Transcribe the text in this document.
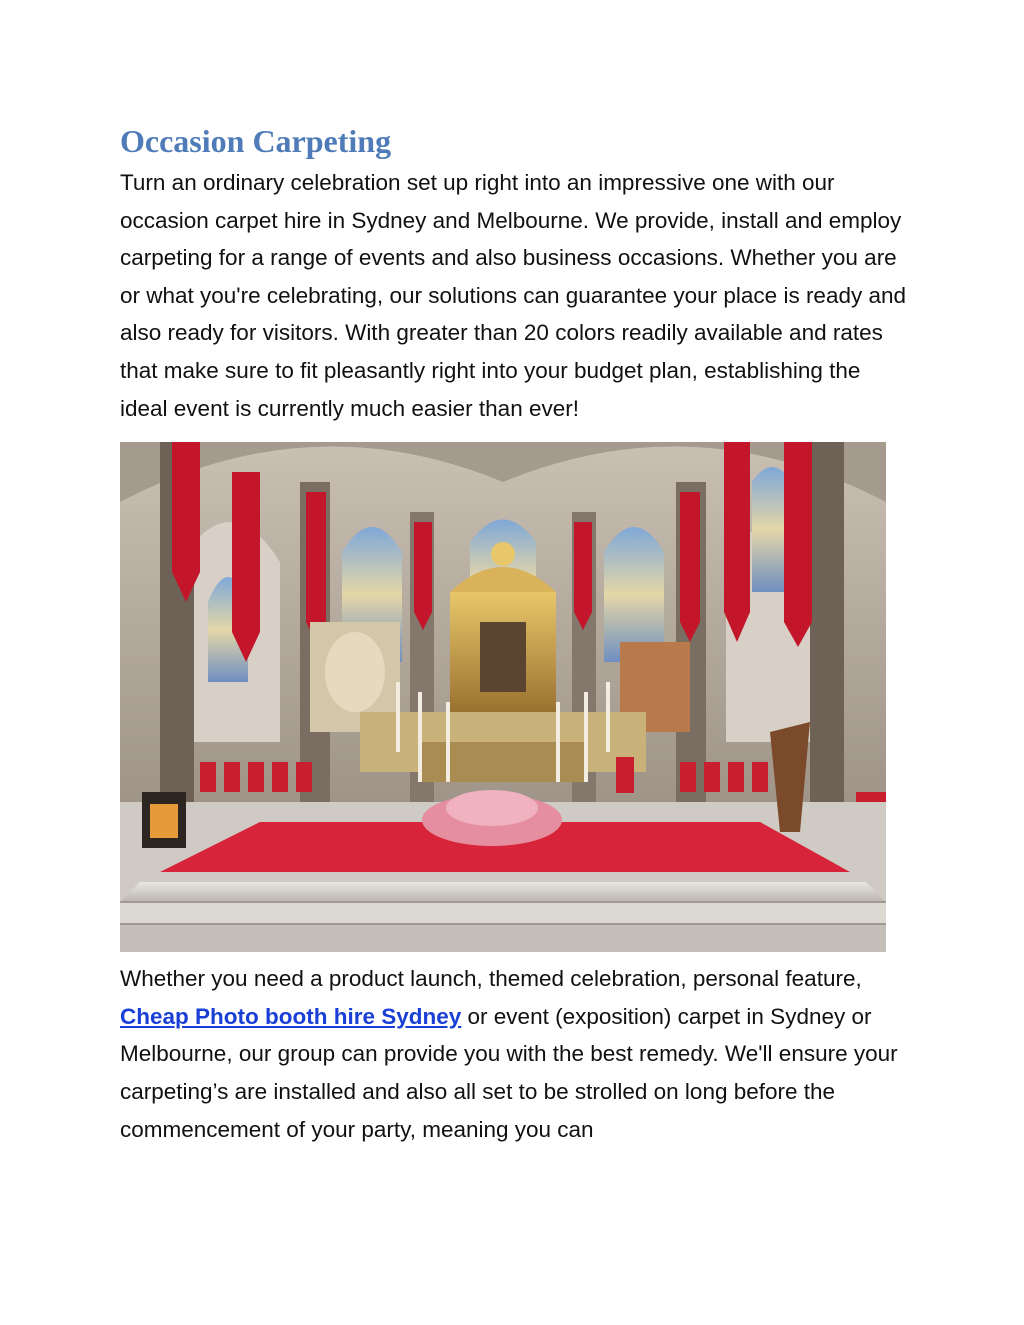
Occasion Carpeting

Turn an ordinary celebration set up right into an impressive one with our occasion carpet hire in Sydney and Melbourne. We provide, install and employ carpeting for a range of events and also business occasions. Whether you are or what you're celebrating, our solutions can guarantee your place is ready and also ready for visitors. With greater than 20 colors readily available and rates that make sure to fit pleasantly right into your budget plan, establishing the ideal event is currently much easier than ever!

Whether you need a product launch, themed celebration, personal feature, Cheap Photo booth hire Sydney or event (exposition) carpet in Sydney or Melbourne, our group can provide you with the best remedy. We'll ensure your carpeting’s are installed and also all set to be strolled on long before the commencement of your party, meaning you can
